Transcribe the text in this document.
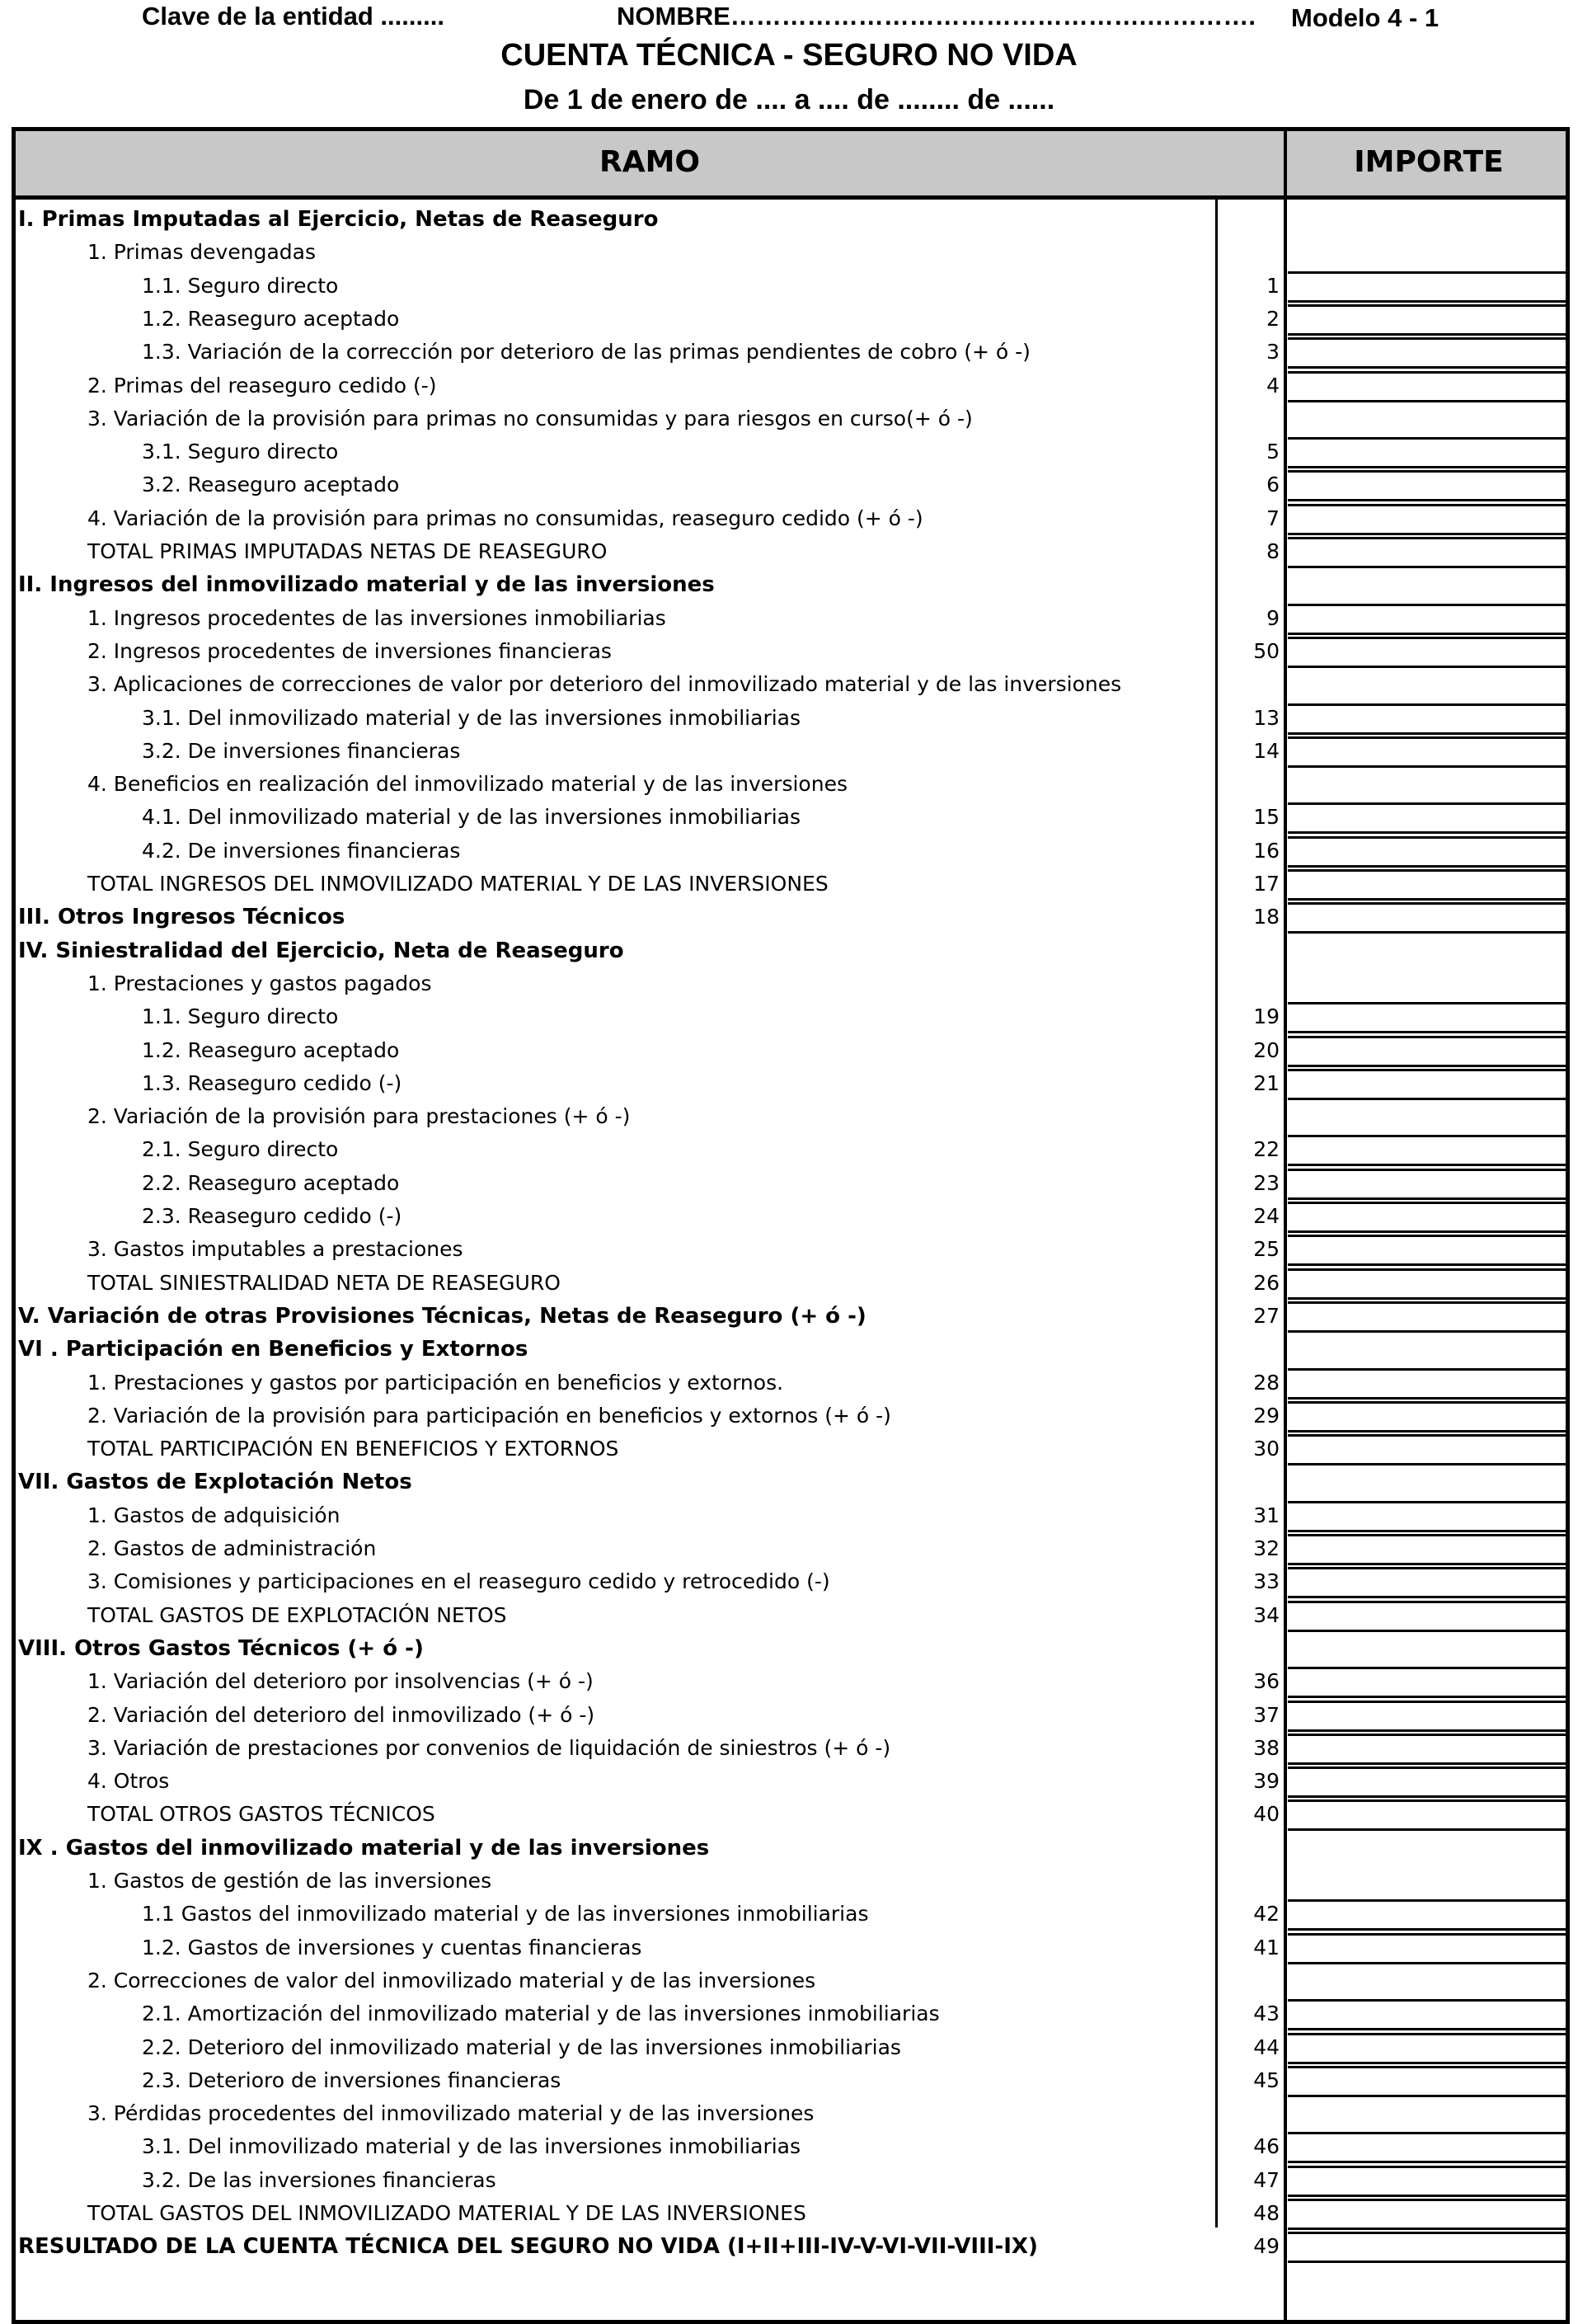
Clave de la entidad .........	NOMBRE………………………………………….…………. Modelo 4 - 1
CUENTA TÉCNICA - SEGURO NO VIDA
De 1 de enero de .... a .... de ........ de ......
RAMO	IMPORTE
I. Primas Imputadas al Ejercicio, Netas de Reaseguro
1. Primas devengadas
1.1. Seguro directo	1
1.2. Reaseguro aceptado	2
1.3. Variación de la corrección por deterioro de las primas pendientes de cobro (+ ó -)	3
2. Primas del reaseguro cedido (-)	4
3. Variación de la provisión para primas no consumidas y para riesgos en curso(+ ó -)
3.1. Seguro directo	5
3.2. Reaseguro aceptado	6
4. Variación de la provisión para primas no consumidas, reaseguro cedido (+ ó -)	7
TOTAL PRIMAS IMPUTADAS NETAS DE REASEGURO	8
II. Ingresos del inmovilizado material y de las inversiones
1. Ingresos procedentes de las inversiones inmobiliarias	9
2. Ingresos procedentes de inversiones financieras	50
3. Aplicaciones de correcciones de valor por deterioro del inmovilizado material y de las inversiones
3.1. Del inmovilizado material y de las inversiones inmobiliarias	13
3.2. De inversiones financieras	14
4. Beneficios en realización del inmovilizado material y de las inversiones
4.1. Del inmovilizado material y de las inversiones inmobiliarias	15
4.2. De inversiones financieras	16
TOTAL INGRESOS DEL INMOVILIZADO MATERIAL Y DE LAS INVERSIONES	17
III. Otros Ingresos Técnicos	18
IV. Siniestralidad del Ejercicio, Neta de Reaseguro
1. Prestaciones y gastos pagados
1.1. Seguro directo	19
1.2. Reaseguro aceptado	20
1.3. Reaseguro cedido (-)	21
2. Variación de la provisión para prestaciones (+ ó -)
2.1. Seguro directo	22
2.2. Reaseguro aceptado	23
2.3. Reaseguro cedido (-)	24
3. Gastos imputables a prestaciones	25
TOTAL SINIESTRALIDAD NETA DE REASEGURO	26
V. Variación de otras Provisiones Técnicas, Netas de Reaseguro (+ ó -)	27
VI . Participación en Beneficios y Extornos
1. Prestaciones y gastos por participación en beneficios y extornos.	28
2. Variación de la provisión para participación en beneficios y extornos (+ ó -)	29
TOTAL PARTICIPACIÓN EN BENEFICIOS Y EXTORNOS	30
VII. Gastos de Explotación Netos
1. Gastos de adquisición	31
2. Gastos de administración	32
3. Comisiones y participaciones en el reaseguro cedido y retrocedido (-)	33
TOTAL GASTOS DE EXPLOTACIÓN NETOS	34
VIII. Otros Gastos Técnicos (+ ó -)
1. Variación del deterioro por insolvencias (+ ó -)	36
2. Variación del deterioro del inmovilizado (+ ó -)	37
3. Variación de prestaciones por convenios de liquidación de siniestros (+ ó -)	38
4. Otros	39
TOTAL OTROS GASTOS TÉCNICOS	40
IX . Gastos del inmovilizado material y de las inversiones
1. Gastos de gestión de las inversiones
1.1 Gastos del inmovilizado material y de las inversiones inmobiliarias	42
1.2. Gastos de inversiones y cuentas financieras	41
2. Correcciones de valor del inmovilizado material y de las inversiones
2.1. Amortización del inmovilizado material y de las inversiones inmobiliarias	43
2.2. Deterioro del inmovilizado material y de las inversiones inmobiliarias	44
2.3. Deterioro de inversiones financieras	45
3. Pérdidas procedentes del inmovilizado material y de las inversiones
3.1. Del inmovilizado material y de las inversiones inmobiliarias	46
3.2. De las inversiones financieras	47
TOTAL GASTOS DEL INMOVILIZADO MATERIAL Y DE LAS INVERSIONES	48
RESULTADO DE LA CUENTA TÉCNICA DEL SEGURO NO VIDA (I+II+III-IV-V-VI-VII-VIII-IX)	49
